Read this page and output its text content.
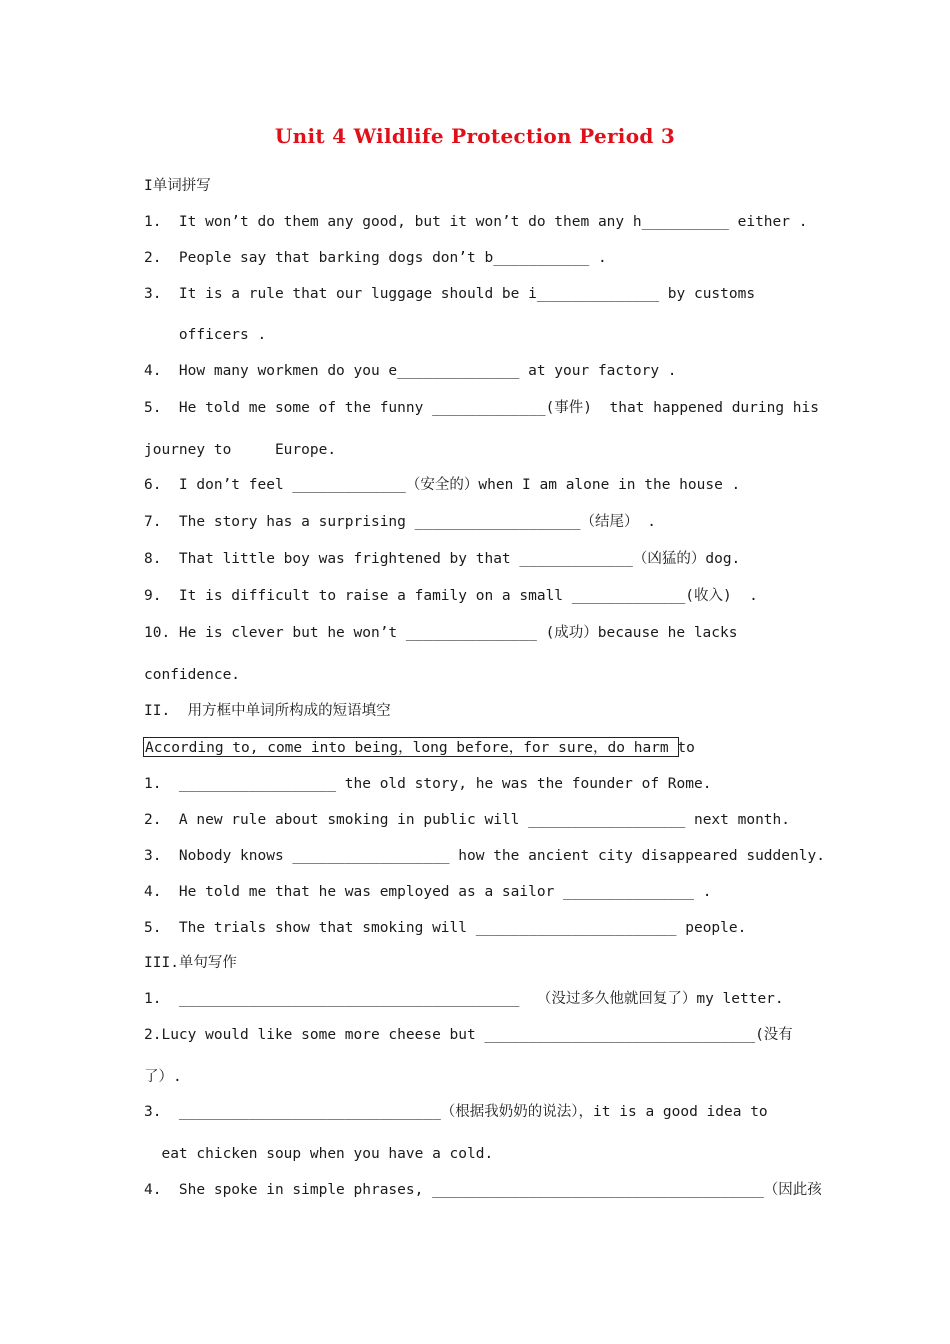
Unit 4 Wildlife Protection Period 3
I单词拼写
1.  It won’t do them any good, but it won’t do them any h__________ either .
2.  People say that barking dogs don’t b___________ .
3.  It is a rule that our luggage should be i______________ by customs
officers .
4.  How many workmen do you e______________ at your factory .
5.  He told me some of the funny _____________(事件)  that happened during his
journey to     Europe.
6.  I don’t feel _____________（安全的）when I am alone in the house .
7.  The story has a surprising ___________________（结尾） .
8.  That little boy was frightened by that _____________（凶猛的）dog.
9.  It is difficult to raise a family on a small _____________(收入)  .
10. He is clever but he won’t _______________ (成功）because he lacks
confidence.
II.  用方框中单词所构成的短语填空
According to, come into being，long before，for sure，do harm to
1.  __________________ the old story, he was the founder of Rome.
2.  A new rule about smoking in public will __________________ next month.
3.  Nobody knows __________________ how the ancient city disappeared suddenly.
4.  He told me that he was employed as a sailor _______________ .
5.  The trials show that smoking will _______________________ people.
III.单句写作
1.  _______________________________________  （没过多久他就回复了）my letter.
2.Lucy would like some more cheese but _______________________________(没有
了）.
3.  ______________________________（根据我奶奶的说法），it is a good idea to
eat chicken soup when you have a cold.
4.  She spoke in simple phrases, ______________________________________（因此孩
